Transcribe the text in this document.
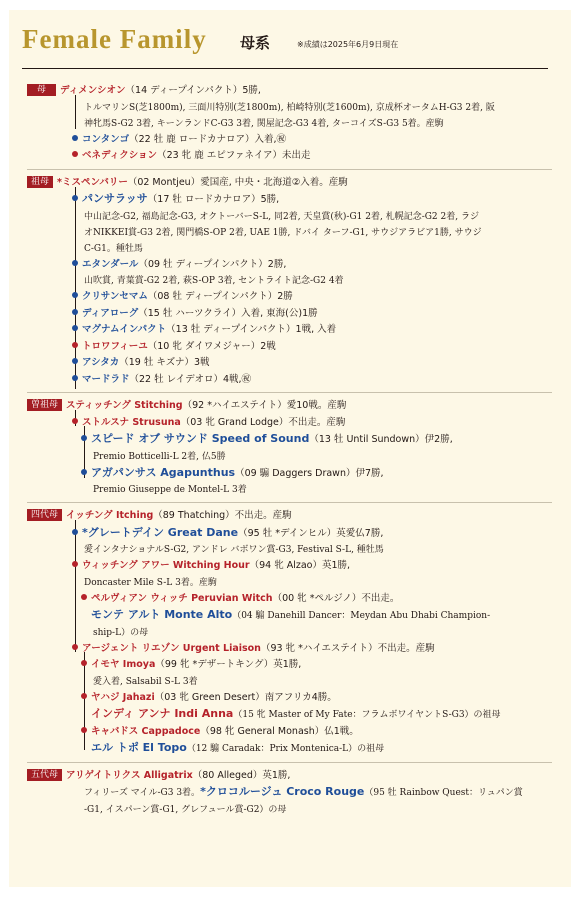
Female Family 母系	※成績は2025年6月9日現在
母 ディメンシオン（14 ディープインパクト）5勝,
トルマリンS(芝1800m), 三面川特別(芝1800m), 柏崎特別(芝1600m), 京成杯オータムH-G3 2着, 阪
神牝馬S-G2 3着, キーンランドC-G3 3着, 関屋記念-G3 4着, ターコイズS-G3 5着。産駒
コンタンゴ（22 牡 鹿 ロードカナロア）入着,㊗
ベネディクション（23 牝 鹿 エピファネイア）未出走
祖母 *ミスペンバリー（02 Montjeu）愛国産, 中央・北海道②入着。産駒
パンサラッサ（17 牡 ロードカナロア）5勝,
中山記念-G2, 福島記念-G3, オクトーバーS-L, 同2着, 天皇賞(秋)-G1 2着, 札幌記念-G2 2着, ラジ
オNIKKEI賞-G3 2着, 関門橋S-OP 2着, UAE 1勝, ドバイ ターフ-G1, サウジアラビア1勝, サウジ
C-G1。種牡馬
エタンダール（09 牡 ディープインパクト）2勝,
山吹賞, 青葉賞-G2 2着, 萩S-OP 3着, セントライト記念-G2 4着
クリサンセマム（08 牡 ディープインパクト）2勝
ディアローグ（15 牡 ハーツクライ）入着, 東海(公)1勝
マグナムインパクト（13 牡 ディープインパクト）1戦, 入着
トロワフィーユ（10 牝 ダイワメジャー）2戦
アシタカ（19 牡 キズナ）3戦
マードラド（22 牡 レイデオロ）4戦,㊗
曽祖母 スティッチング Stitching（92 *ハイエステイト）愛10戦。産駒
ストルスナ Strusuna（03 牝 Grand Lodge）不出走。産駒
スピード オブ サウンド Speed of Sound（13 牡 Until Sundown）伊2勝,
Premio Botticelli-L 2着, 仏5勝
アガパンサス Agapunthus（09 騸 Daggers Drawn）伊7勝,
Premio Giuseppe de Montel-L 3着
四代母 イッチング Itching（89 Thatching）不出走。産駒
*グレートデイン Great Dane（95 牡 *デインヒル）英愛仏7勝,
愛インタナショナルS-G2, アンドレ バボワン賞-G3, Festival S-L, 種牡馬
ウィッチング アワー Witching Hour（94 牝 Alzao）英1勝,
Doncaster Mile S-L 3着。産駒
ペルヴィアン ウィッチ Peruvian Witch（00 牝 *ペルジノ）不出走。
モンテ アルト Monte Alto（04 騸 Danehill Dancer：Meydan Abu Dhabi Champion-
ship-L）の母
アージェント リエゾン Urgent Liaison（93 牝 *ハイエステイト）不出走。産駒
イモヤ Imoya（99 牝 *デザートキング）英1勝,
愛入着, Salsabil S-L 3着
ヤハジ Jahazi（03 牝 Green Desert）南アフリカ4勝。
インディ アンナ Indi Anna（15 牝 Master of My Fate：フラムボワイヤントS-G3）の祖母
キャバドス Cappadoce（98 牝 General Monash）仏1戦。
エル トポ El Topo（12 騸 Caradak：Prix Montenica-L）の祖母
五代母 アリゲイトリクス Alligatrix（80 Alleged）英1勝,
フィリーズ マイル-G3 3着。*クロコルージュ Croco Rouge（95 牡 Rainbow Quest：リュパン賞
-G1, イスパーン賞-G1, グレフュール賞-G2）の母
